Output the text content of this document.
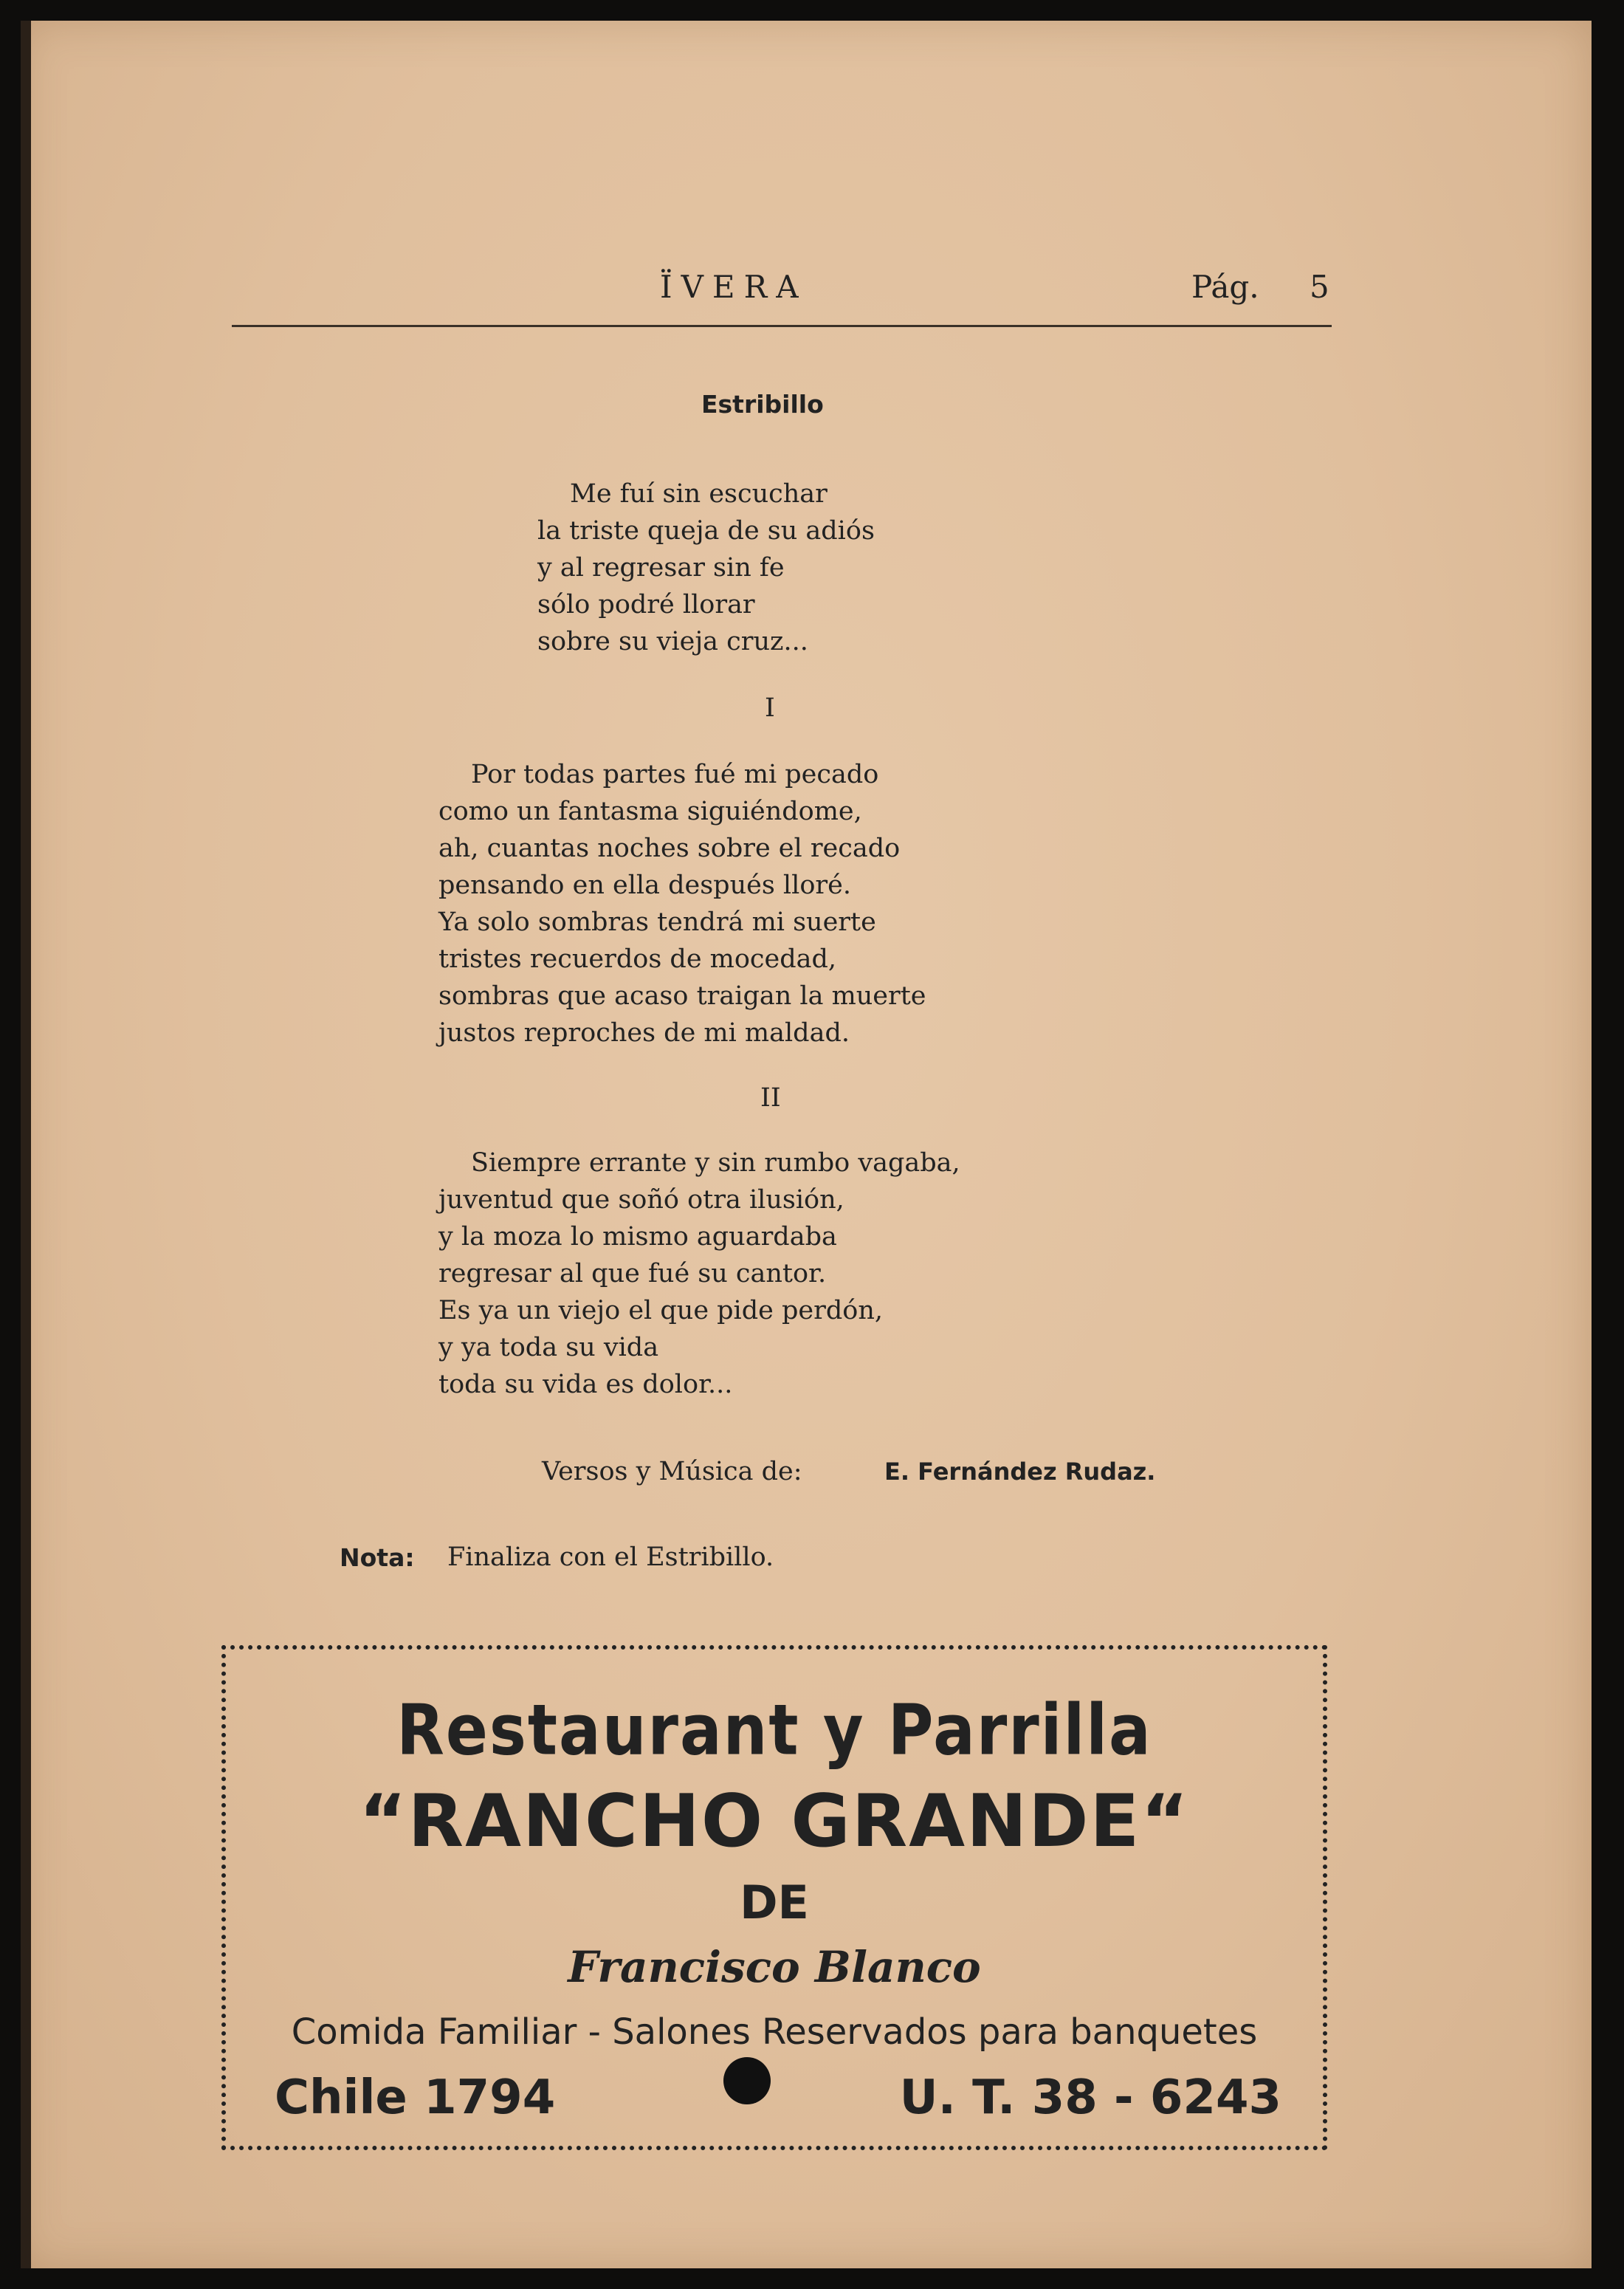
ÏVERA	Pág. 5
Estribillo
Me fuí sin escuchar
la triste queja de su adiós
y al regresar sin fe
sólo podré llorar
sobre su vieja cruz...
I
Por todas partes fué mi pecado
como un fantasma siguiéndome,
ah, cuantas noches sobre el recado
pensando en ella después lloré.
Ya solo sombras tendrá mi suerte
tristes recuerdos de mocedad,
sombras que acaso traigan la muerte
justos reproches de mi maldad.
II
Siempre errante y sin rumbo vagaba,
juventud que soñó otra ilusión,
y la moza lo mismo aguardaba
regresar al que fué su cantor.
Es ya un viejo el que pide perdón,
y ya toda su vida
toda su vida es dolor...
Versos y Música de:	E. Fernández Rudaz.
Nota: Finaliza con el Estribillo.
Restaurant y Parrilla
“RANCHO GRANDE“
DE
Francisco Blanco
Comida Familiar - Salones Reservados para banquetes
Chile 1794	U. T. 38 - 6243
